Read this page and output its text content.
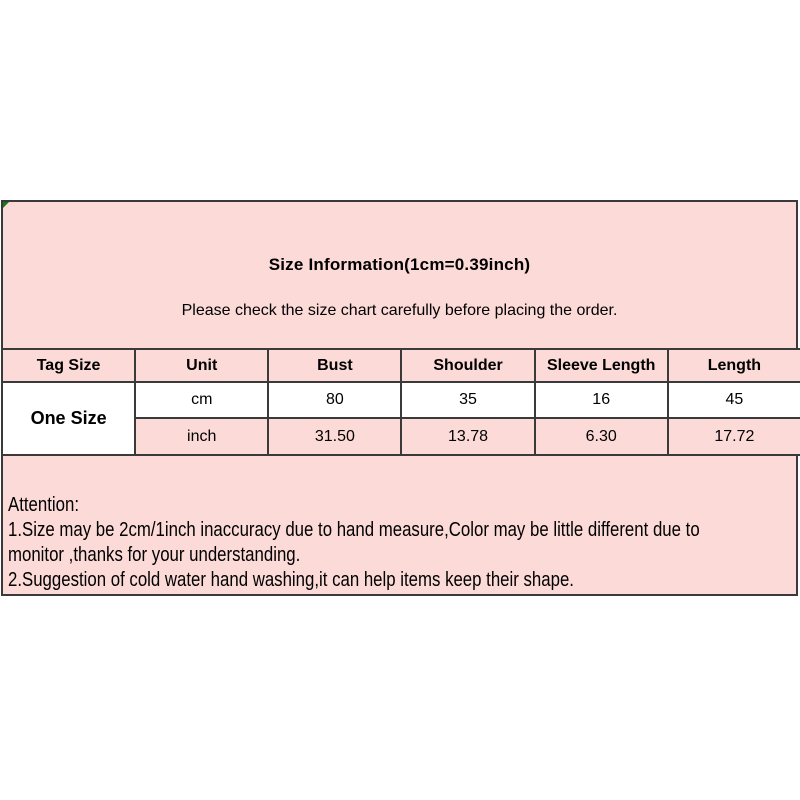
Size Information(1cm=0.39inch)
Please check the size chart carefully before placing the order.
Tag Size	Unit	Bust	Shoulder	Sleeve Length	Length
One Size	cm	80	35	16	45
	inch	31.50	13.78	6.30	17.72
Attention:
1.Size may be 2cm/1inch inaccuracy due to hand measure,Color may be little different due to
monitor ,thanks for your understanding.
2.Suggestion of cold water hand washing,it can help items keep their shape.
